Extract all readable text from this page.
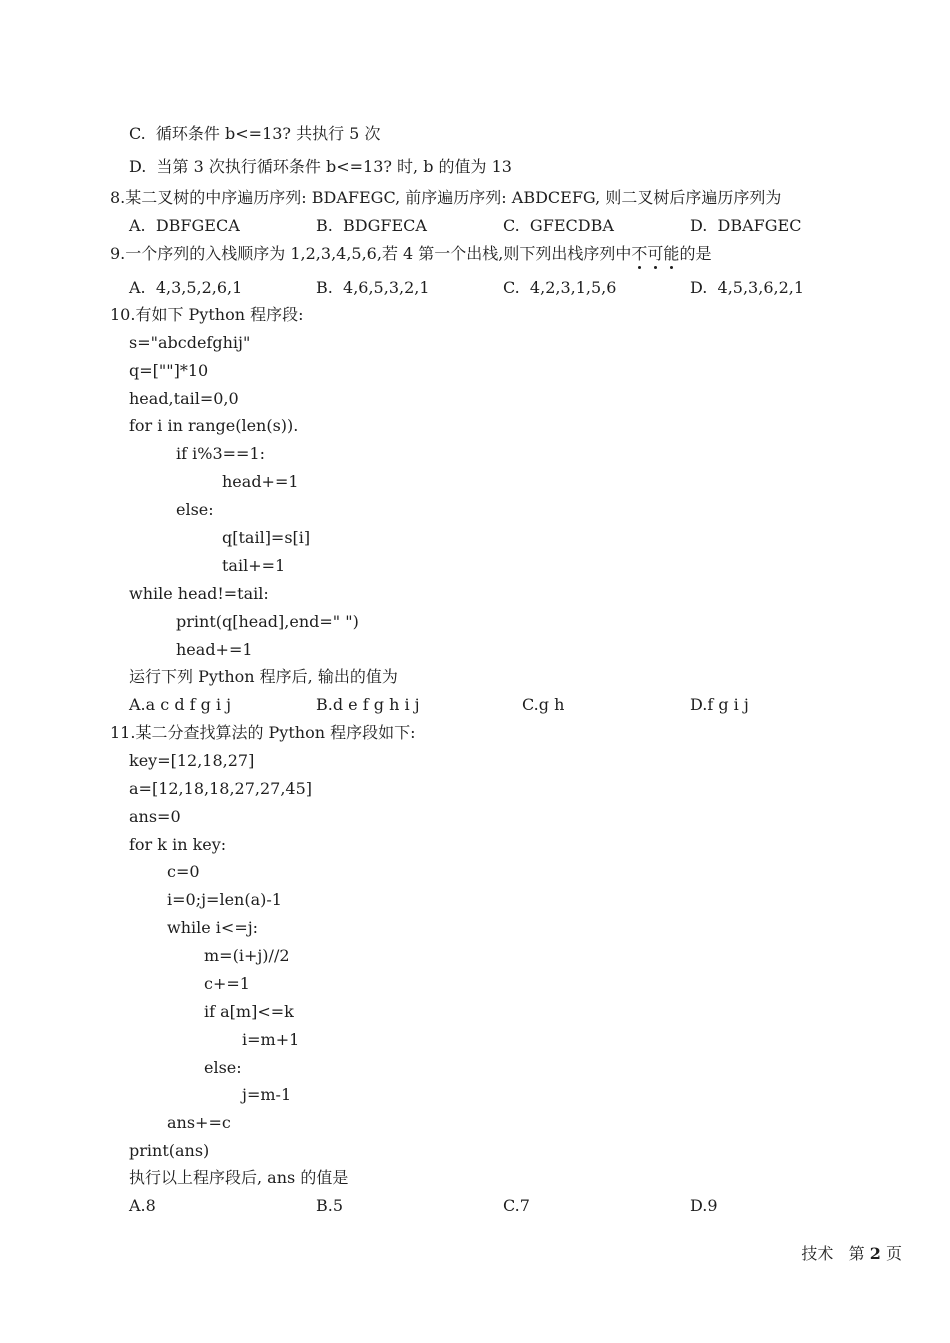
C.  循环条件 b<=13? 共执行 5 次
D.  当第 3 次执行循环条件 b<=13? 时, b 的值为 13
8.某二叉树的中序遍历序列: BDAFEGC, 前序遍历序列: ABDCEFG, 则二叉树后序遍历序列为
A.  DBFGECA	B.  BDGFECA	C.  GFECDBA	D.  DBAFGEC
9.一个序列的入栈顺序为 1,2,3,4,5,6,若 4 第一个出栈,则下列出栈序列中不可能的是
A.  4,3,5,2,6,1	B.  4,6,5,3,2,1	C.  4,2,3,1,5,6	D.  4,5,3,6,2,1
10.有如下 Python 程序段:
s="abcdefghij"
q=[""]*10
head,tail=0,0
for i in range(len(s)).
if i%3==1:
head+=1
else:
q[tail]=s[i]
tail+=1
while head!=tail:
print(q[head],end=" ")
head+=1
运行下列 Python 程序后, 输出的值为
A.a c d f g i j	B.d e f g h i j	C.g h	D.f g i j
11.某二分查找算法的 Python 程序段如下:
key=[12,18,27]
a=[12,18,18,27,27,45]
ans=0
for k in key:
c=0
i=0;j=len(a)-1
while i<=j:
m=(i+j)//2
c+=1
if a[m]<=k
i=m+1
else:
j=m-1
ans+=c
print(ans)
执行以上程序段后, ans 的值是
A.8	B.5	C.7	D.9
技术 第 2 页
